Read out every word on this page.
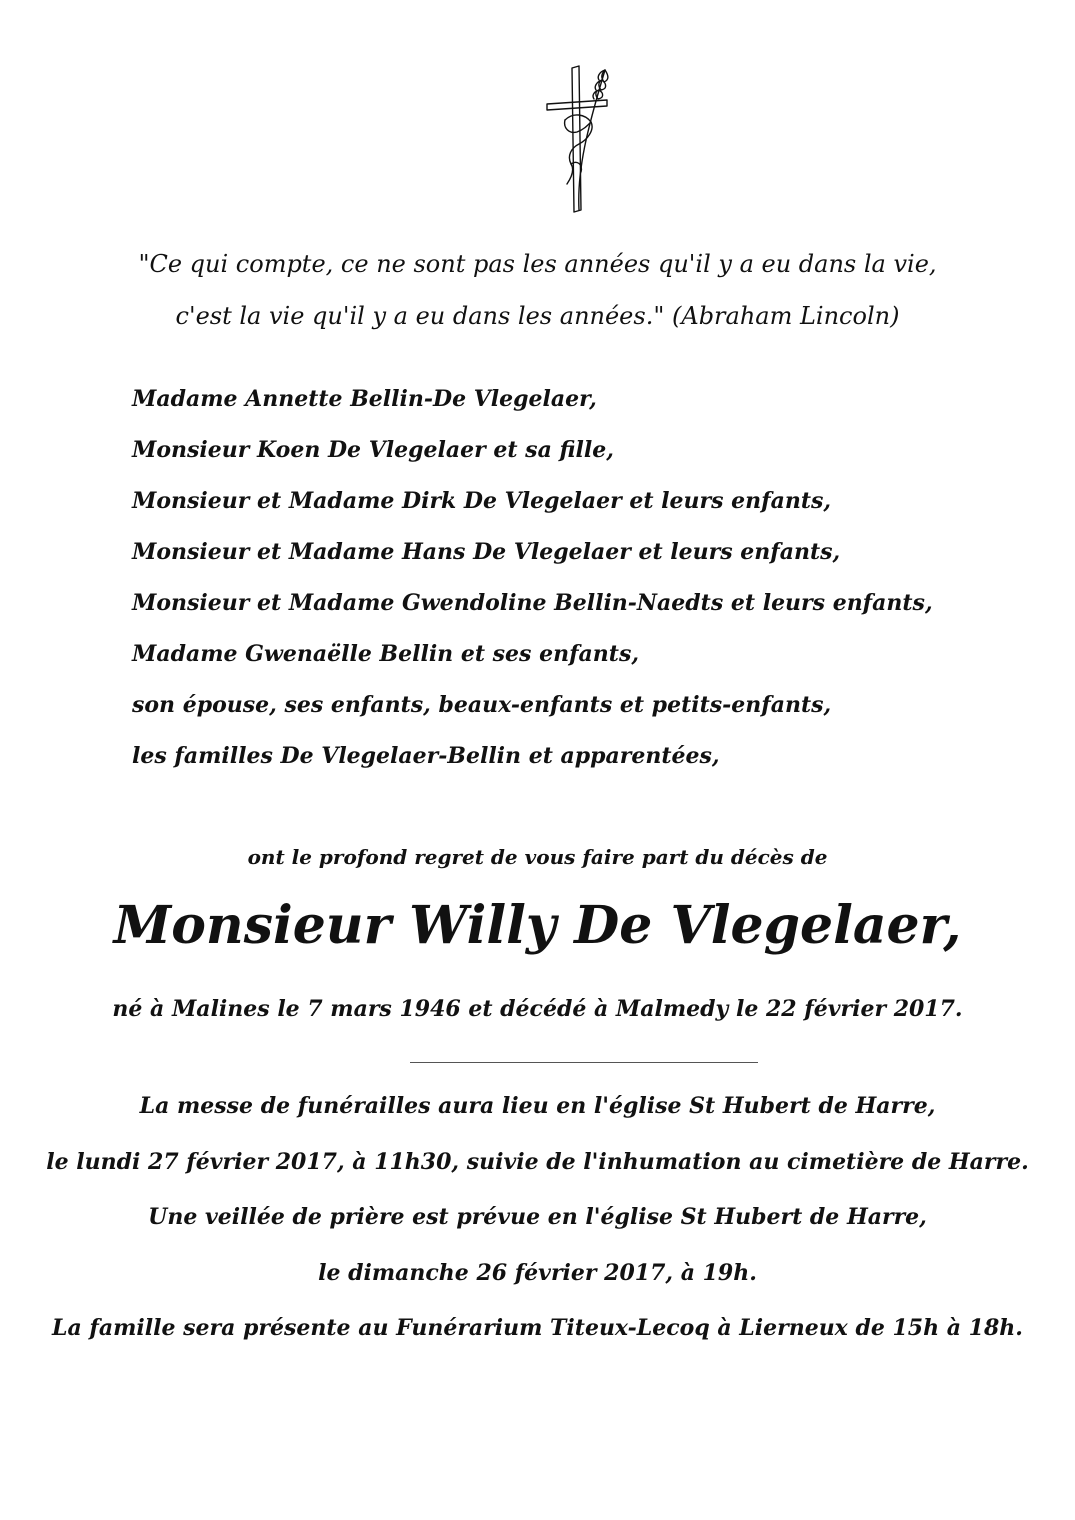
"Ce qui compte, ce ne sont pas les années qu'il y a eu dans la vie,
c'est la vie qu'il y a eu dans les années." (Abraham Lincoln)
Madame Annette Bellin-De Vlegelaer,
Monsieur Koen De Vlegelaer et sa fille,
Monsieur et Madame Dirk De Vlegelaer et leurs enfants,
Monsieur et Madame Hans De Vlegelaer et leurs enfants,
Monsieur et Madame Gwendoline Bellin-Naedts et leurs enfants,
Madame Gwenaëlle Bellin et ses enfants,
son épouse, ses enfants, beaux-enfants et petits-enfants,
les familles De Vlegelaer-Bellin et apparentées,
ont le profond regret de vous faire part du décès de
Monsieur Willy De Vlegelaer,
né à Malines le 7 mars 1946 et décédé à Malmedy le 22 février 2017.
La messe de funérailles aura lieu en l'église St Hubert de Harre,
le lundi 27 février 2017, à 11h30, suivie de l'inhumation au cimetière de Harre.
Une veillée de prière est prévue en l'église St Hubert de Harre,
le dimanche 26 février 2017, à 19h.
La famille sera présente au Funérarium Titeux-Lecoq à Lierneux de 15h à 18h.
